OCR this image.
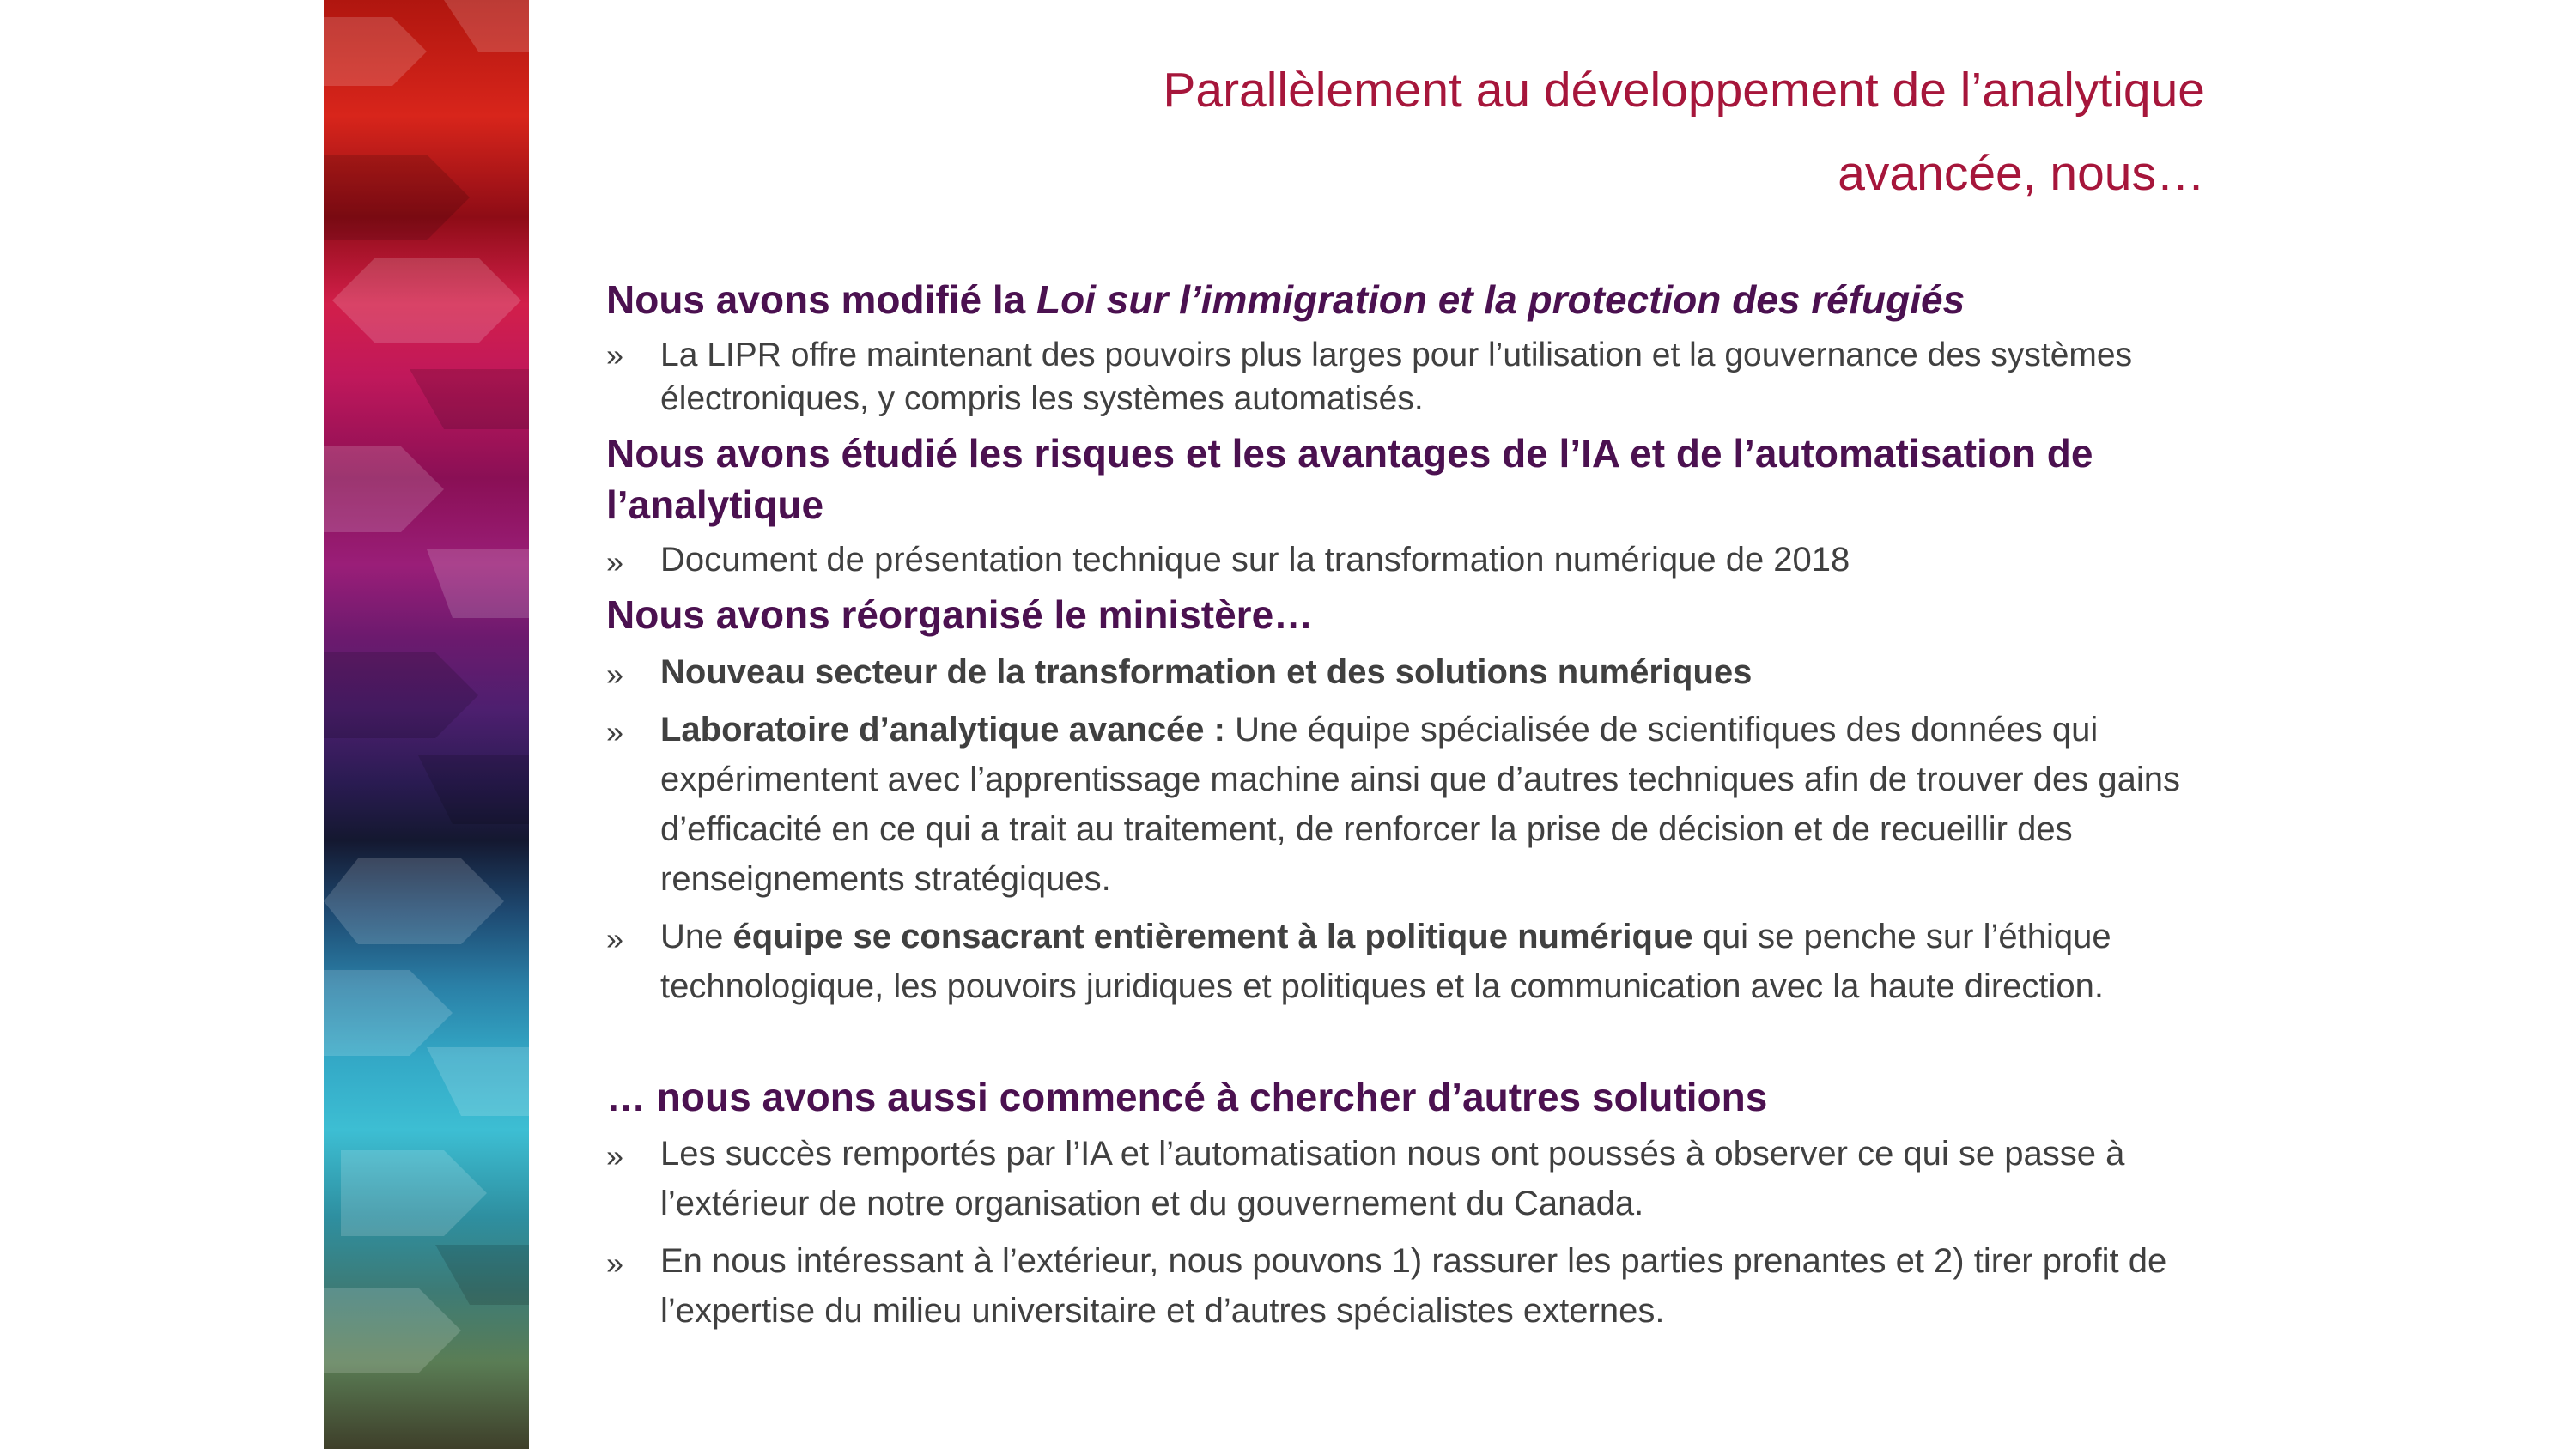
Parallèlement au développement de l’analytique
avancée, nous…
Nous avons modifié la Loi sur l’immigration et la protection des réfugiés
»	La LIPR offre maintenant des pouvoirs plus larges pour l’utilisation et la gouvernance des systèmes électroniques, y compris les systèmes automatisés.
Nous avons étudié les risques et les avantages de l’IA et de l’automatisation de l’analytique
»	Document de présentation technique sur la transformation numérique de 2018
Nous avons réorganisé le ministère…
»	Nouveau secteur de la transformation et des solutions numériques
»	Laboratoire d’analytique avancée : Une équipe spécialisée de scientifiques des données qui expérimentent avec l’apprentissage machine ainsi que d’autres techniques afin de trouver des gains d’efficacité en ce qui a trait au traitement, de renforcer la prise de décision et de recueillir des renseignements stratégiques.
»	Une équipe se consacrant entièrement à la politique numérique qui se penche sur l’éthique technologique, les pouvoirs juridiques et politiques et la communication avec la haute direction.
… nous avons aussi commencé à chercher d’autres solutions
»	Les succès remportés par l’IA et l’automatisation nous ont poussés à observer ce qui se passe à l’extérieur de notre organisation et du gouvernement du Canada.
»	En nous intéressant à l’extérieur, nous pouvons 1) rassurer les parties prenantes et 2) tirer profit de l’expertise du milieu universitaire et d’autres spécialistes externes.
